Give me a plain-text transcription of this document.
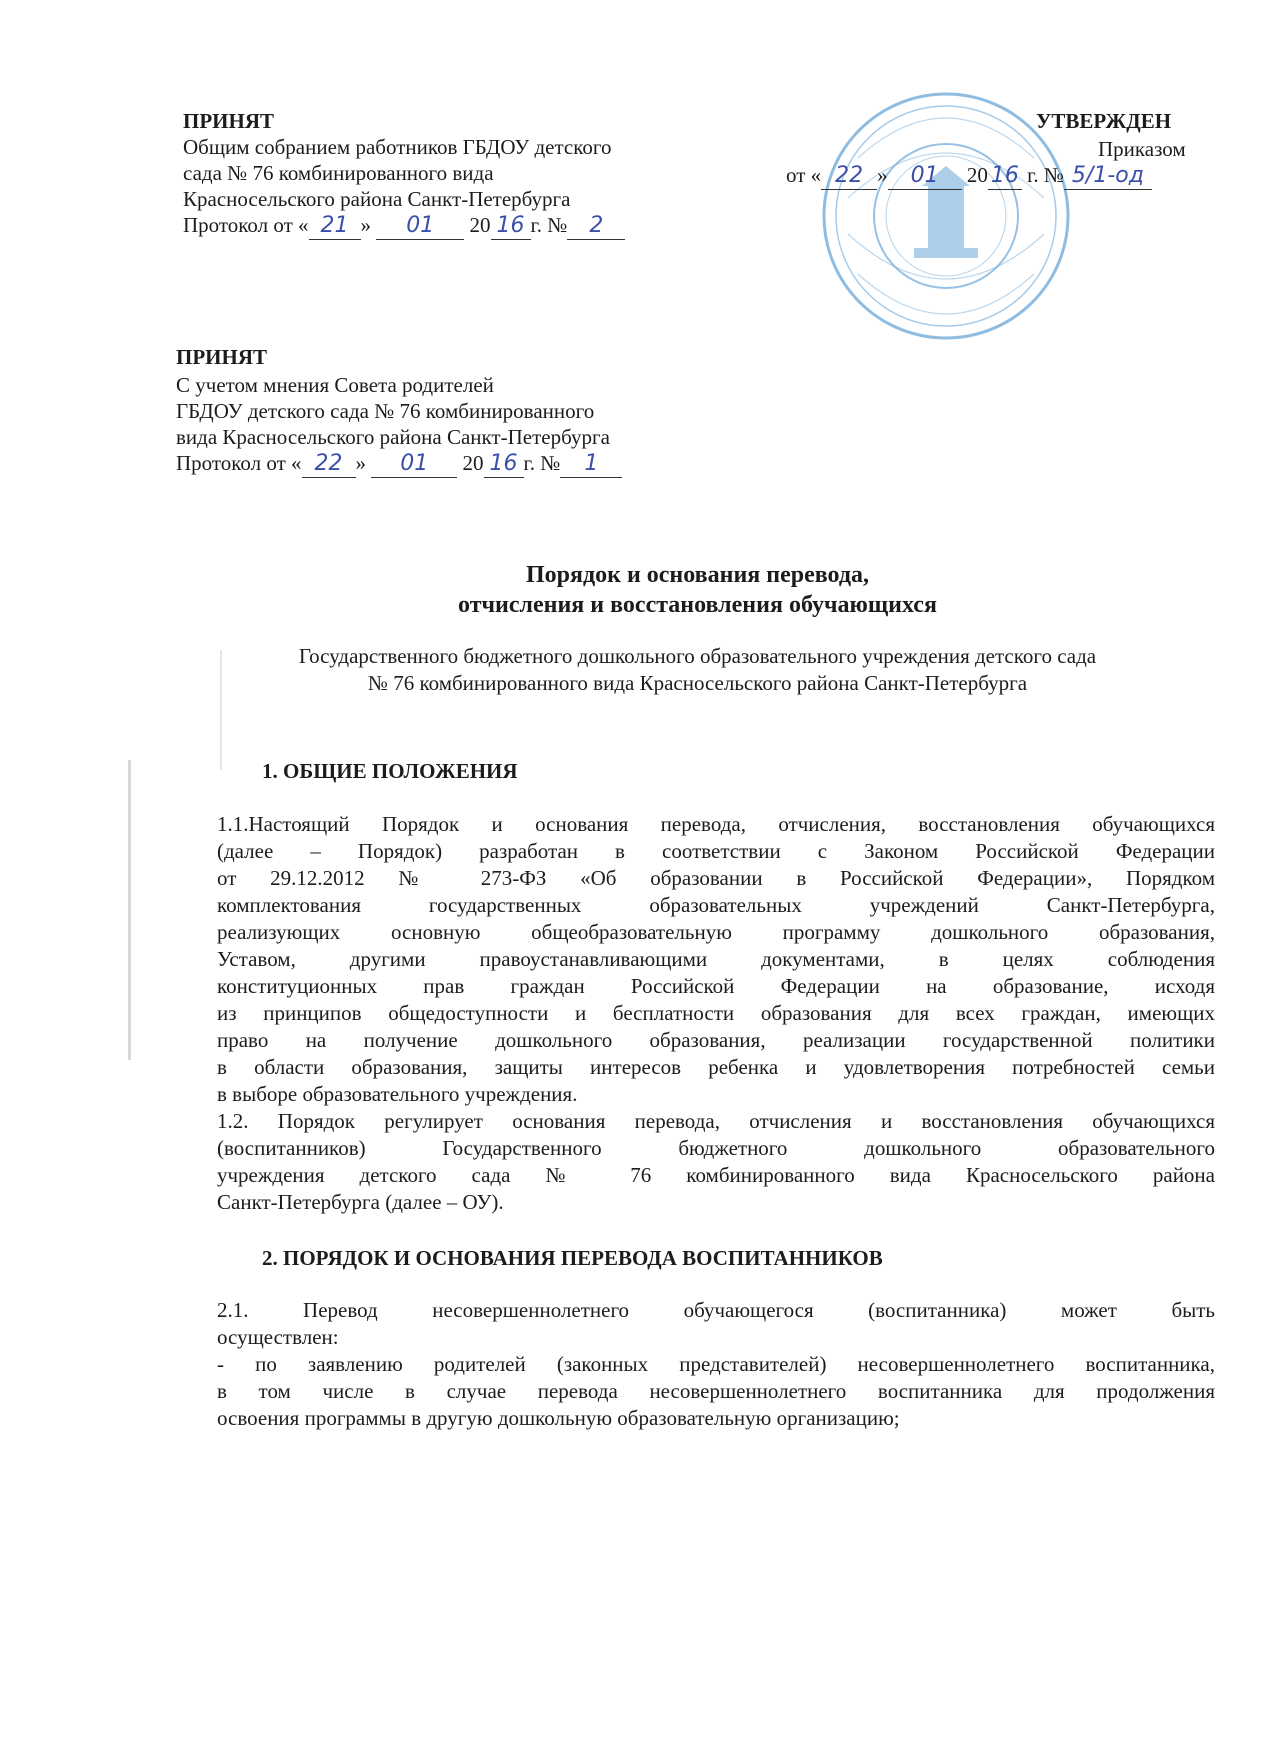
ПРИНЯТ
Общим собранием работников ГБДОУ детского
сада № 76 комбинированного вида
Красносельского района Санкт-Петербурга
Протокол от « 21 » 01 20 16 г. № 2
УТВЕРЖДЕН
Приказом
от « 22 » 01 20 16 г. № 5/1-од
ПРИНЯТ
С учетом мнения Совета родителей
ГБДОУ детского сада № 76 комбинированного
вида Красносельского района Санкт-Петербурга
Протокол от « 22 » 01 20 16 г. № 1
Порядок и основания перевода,
отчисления и восстановления обучающихся
Государственного бюджетного дошкольного образовательного учреждения детского сада
№ 76 комбинированного вида Красносельского района Санкт-Петербурга
1. ОБЩИЕ ПОЛОЖЕНИЯ
1.1.Настоящий Порядок и основания перевода, отчисления, восстановления обучающихся
(далее – Порядок) разработан в соответствии с Законом Российской Федерации
от 29.12.2012 № 273-ФЗ «Об образовании в Российской Федерации», Порядком
комплектования государственных образовательных учреждений Санкт-Петербурга,
реализующих основную общеобразовательную программу дошкольного образования,
Уставом, другими правоустанавливающими документами, в целях соблюдения
конституционных прав граждан Российской Федерации на образование, исходя
из принципов общедоступности и бесплатности образования для всех граждан, имеющих
право на получение дошкольного образования, реализации государственной политики
в области образования, защиты интересов ребенка и удовлетворения потребностей семьи
в выборе образовательного учреждения.
1.2. Порядок регулирует основания перевода, отчисления и восстановления обучающихся
(воспитанников) Государственного бюджетного дошкольного образовательного
учреждения детского сада № 76 комбинированного вида Красносельского района
Санкт-Петербурга (далее – ОУ).
2. ПОРЯДОК И ОСНОВАНИЯ ПЕРЕВОДА ВОСПИТАННИКОВ
2.1. Перевод несовершеннолетнего обучающегося (воспитанника) может быть
осуществлен:
- по заявлению родителей (законных представителей) несовершеннолетнего воспитанника,
в том числе в случае перевода несовершеннолетнего воспитанника для продолжения
освоения программы в другую дошкольную образовательную организацию;
